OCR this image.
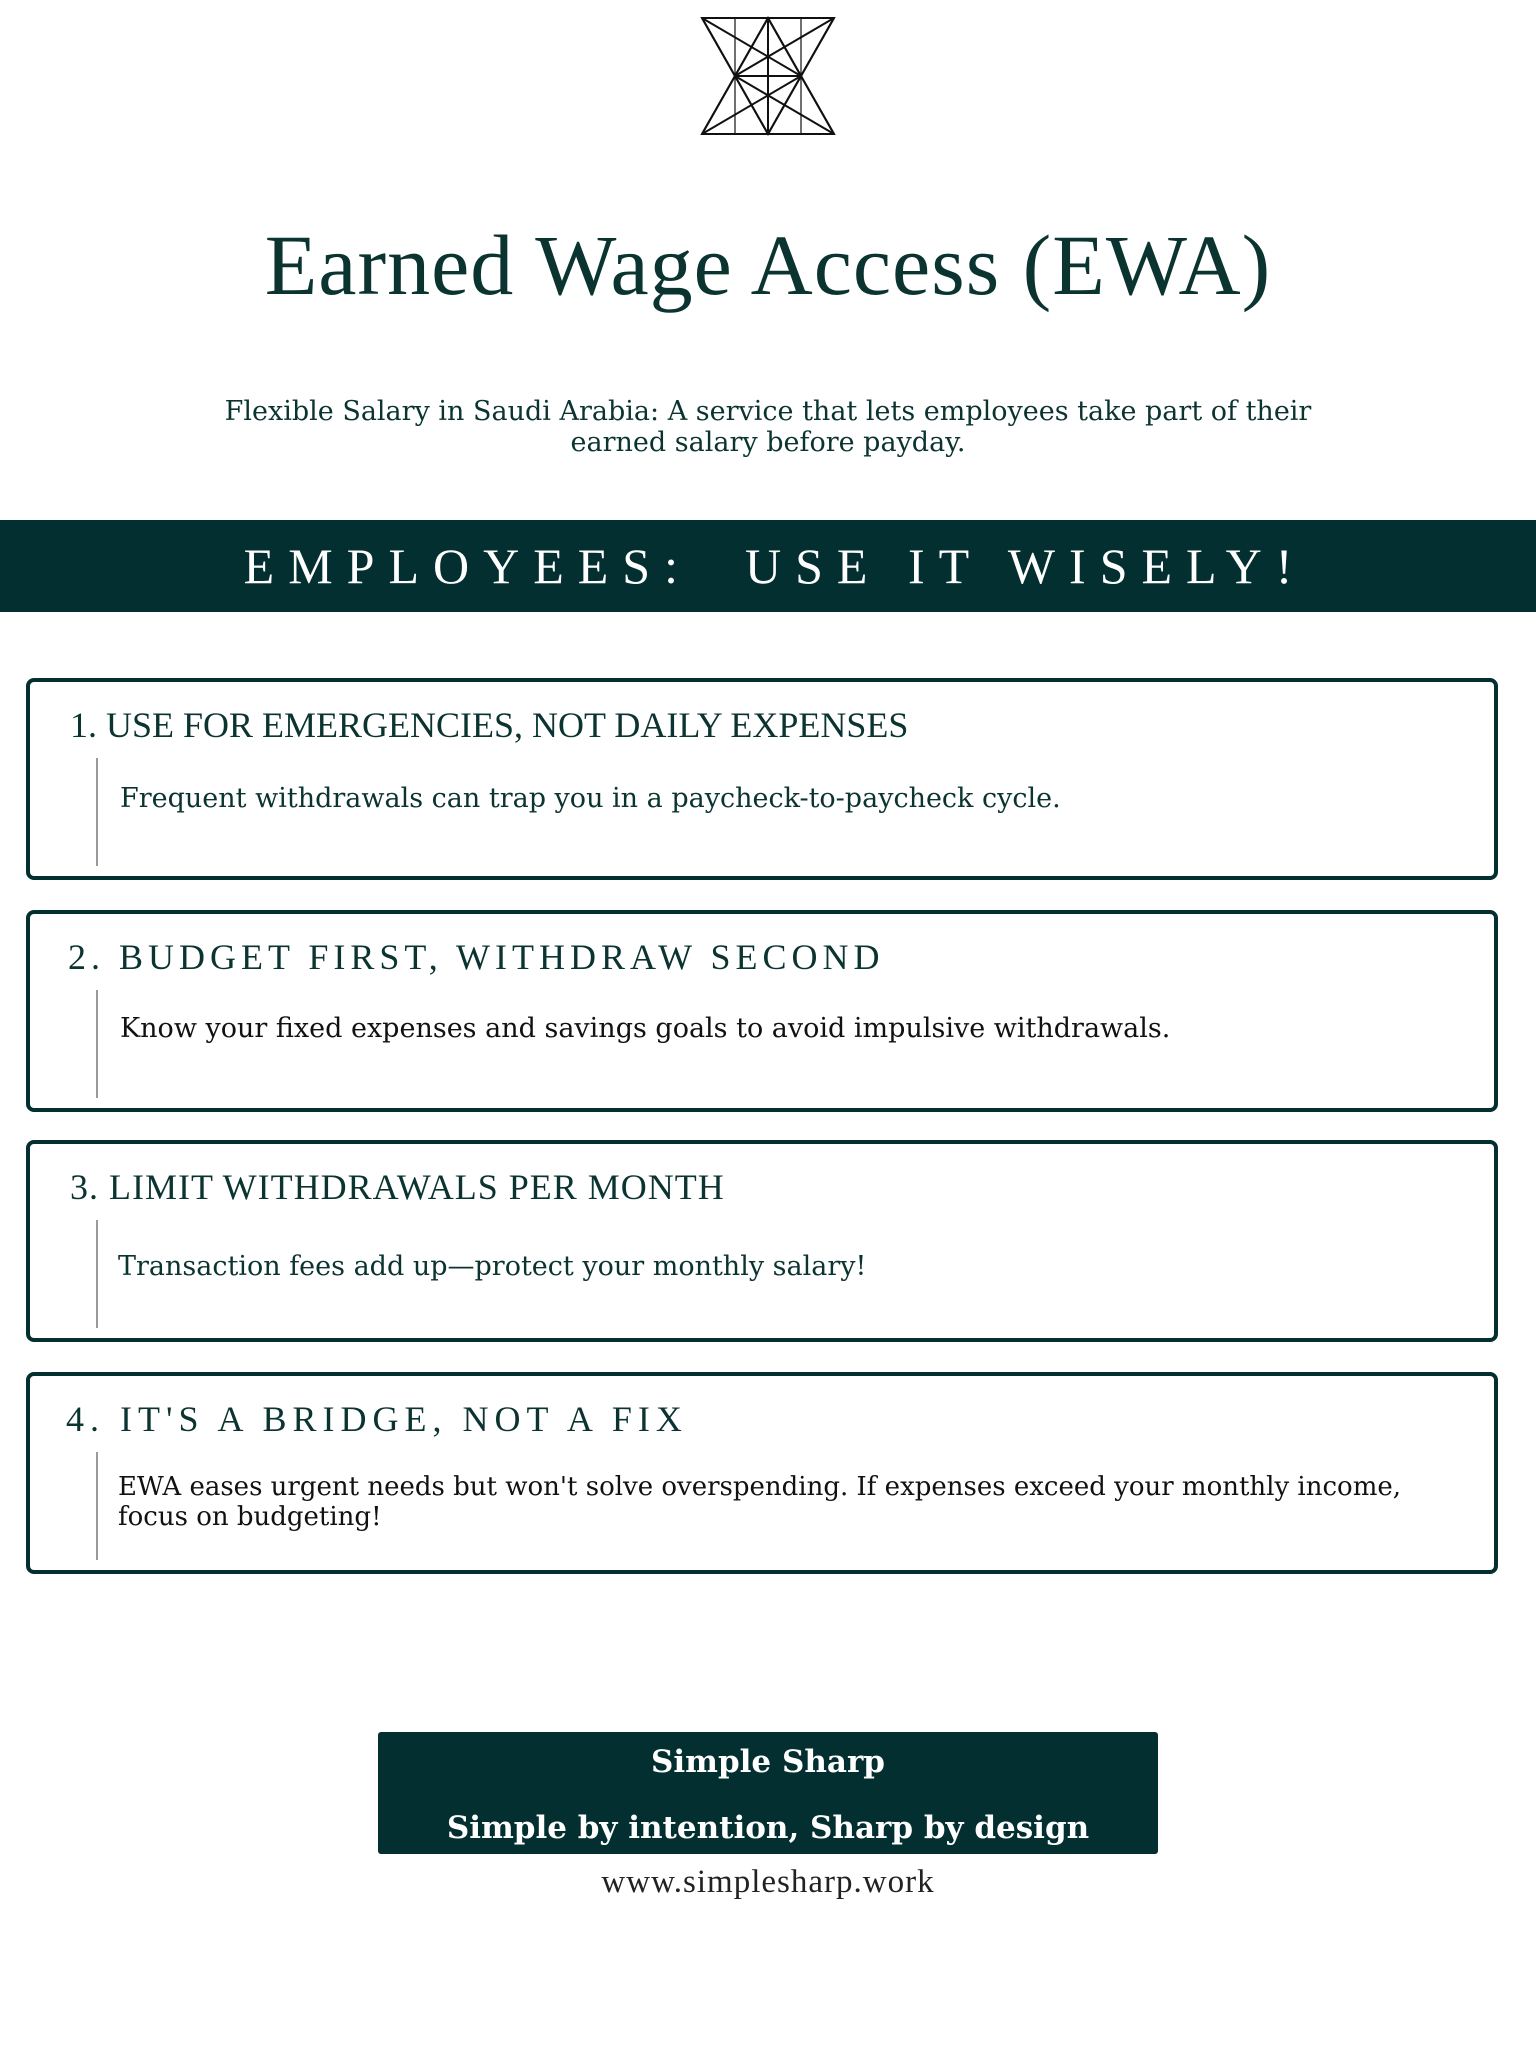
Earned Wage Access (EWA)

Flexible Salary in Saudi Arabia: A service that lets employees take part of their earned salary before payday.

EMPLOYEES:  USE IT WISELY!
1. USE FOR EMERGENCIES, NOT DAILY EXPENSES

Frequent withdrawals can trap you in a paycheck-to-paycheck cycle.

2. BUDGET FIRST, WITHDRAW SECOND

Know your fixed expenses and savings goals to avoid impulsive withdrawals.

3. LIMIT WITHDRAWALS PER MONTH

Transaction fees add up—protect your monthly salary!

4. IT'S A BRIDGE, NOT A FIX

EWA eases urgent needs but won't solve overspending. If expenses exceed your monthly income, focus on budgeting!

Simple Sharp

Simple by intention, Sharp by design

www.simplesharp.work
